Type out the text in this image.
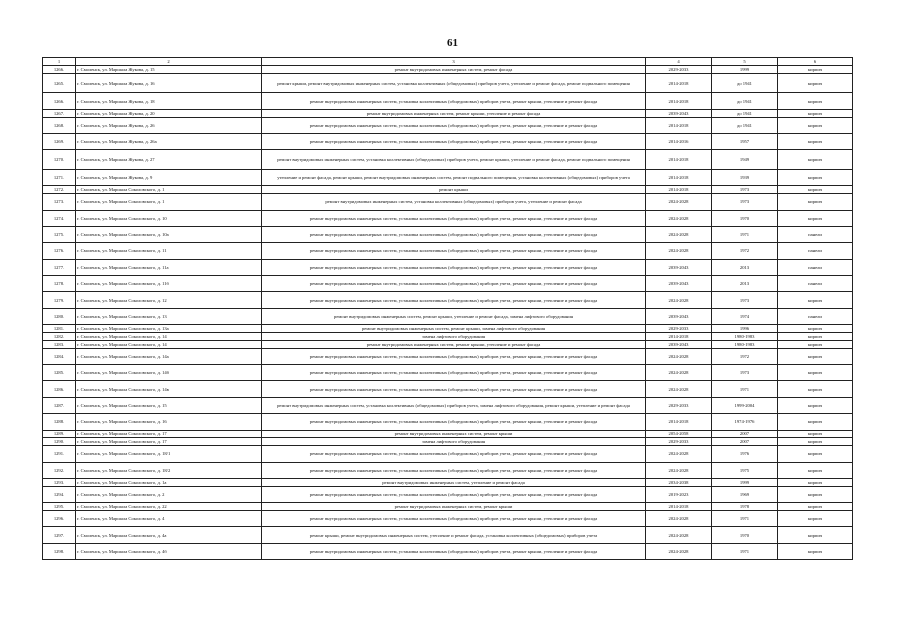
61
1	2	3	4	5	6
1266.	г. Смоленск, ул. Маршала Жукова, д. 15	ремонт внутридомовых инженерных систем, ремонт фасада	2029-2033	1999	кирпич
1265.	г. Смоленск, ул. Маршала Жукова, д. 16	ремонт крыши, ремонт внутридомовых инженерных систем, установка коллективных (общедомовых) приборов учета, утепление и ремонт фасада, ремонт подвального помещения	2014-2018	до 1941	кирпич
1266.	г. Смоленск, ул. Маршала Жукова, д. 18	ремонт внутридомовых инженерных систем, установка коллективных (общедомовых) приборов учета, ремонт крыши, утепление и ремонт фасада	2014-2018	до 1941	кирпич
1267.	г. Смоленск, ул. Маршала Жукова, д. 20	ремонт внутридомовых инженерных систем, ремонт крыши, утепление и ремонт фасада	2039-2043	до 1941	кирпич
1268.	г. Смоленск, ул. Маршала Жукова, д. 26	ремонт внутридомовых инженерных систем, установка коллективных (общедомовых) приборов учета, ремонт крыши, утепление и ремонт фасада	2014-2018	до 1941	кирпич
1269.	г. Смоленск, ул. Маршала Жукова, д. 26а	ремонт внутридомовых инженерных систем, установка коллективных (общедомовых) приборов учета, ремонт крыши, утепление и ремонт фасада	2014-2016	1957	кирпич
1270.	г. Смоленск, ул. Маршала Жукова, д. 27	ремонт внутридомовых инженерных систем, установка коллективных (общедомовых) приборов учета, ремонт крыши, утепление и ремонт фасада, ремонт подвального помещения	2014-2018	1949	кирпич
1271.	г. Смоленск, ул. Маршала Жукова, д. 9	утепление и ремонт фасада, ремонт крыши, ремонт внутридомовых инженерных систем, ремонт подвального помещения, установка коллективных (общедомовых) приборов учета	2014-2018	1939	кирпич
1272.	г. Смоленск, ул. Маршала Соколовского, д. 1	ремонт крыши	2014-2018	1973	кирпич
1273.	г. Смоленск, ул. Маршала Соколовского, д. 1	ремонт внутридомовых инженерных систем, установка коллективных (общедомовых) приборов учета, утепление и ремонт фасада	2024-2028	1973	кирпич
1274.	г. Смоленск, ул. Маршала Соколовского, д. 10	ремонт внутридомовых инженерных систем, установка коллективных (общедомовых) приборов учета, ремонт крыши, утепление и ремонт фасада	2024-2028	1970	кирпич
1275.	г. Смоленск, ул. Маршала Соколовского, д. 10а	ремонт внутридомовых инженерных систем, установка коллективных (общедомовых) приборов учета, ремонт крыши, утепление и ремонт фасада	2024-2028	1971	панели
1276.	г. Смоленск, ул. Маршала Соколовского, д. 11	ремонт внутридомовых инженерных систем, установка коллективных (общедомовых) приборов учета, ремонт крыши, утепление и ремонт фасада	2024-2028	1972	панели
1277.	г. Смоленск, ул. Маршала Соколовского, д. 11а	ремонт внутридомовых инженерных систем, установка коллективных (общедомовых) приборов учета, ремонт крыши, утепление и ремонт фасада	2039-2043	2013	панели
1278.	г. Смоленск, ул. Маршала Соколовского, д. 11б	ремонт внутридомовых инженерных систем, установка коллективных (общедомовых) приборов учета, ремонт крыши, утепление и ремонт фасада	2039-2043	2013	панели
1279.	г. Смоленск, ул. Маршала Соколовского, д. 12	ремонт внутридомовых инженерных систем, установка коллективных (общедомовых) приборов учета, ремонт крыши, утепление и ремонт фасада	2024-2028	1973	кирпич
1280.	г. Смоленск, ул. Маршала Соколовского, д. 13	ремонт внутридомовых инженерных систем, ремонт крыши, утепление и ремонт фасада, замена лифтового оборудования	2039-2043	1974	панели
1281.	г. Смоленск, ул. Маршала Соколовского, д. 13а	ремонт внутридомовых инженерных систем, ремонт крыши, замена лифтового оборудования	2029-2033	1996	кирпич
1282.	г. Смоленск, ул. Маршала Соколовского, д. 14	замена лифтового оборудования	2014-2018	1980-1983	кирпич
1283.	г. Смоленск, ул. Маршала Соколовского, д. 14	ремонт внутридомовых инженерных систем, ремонт крыши, утепление и ремонт фасада	2039-2043	1980-1983	кирпич
1284.	г. Смоленск, ул. Маршала Соколовского, д. 14а	ремонт внутридомовых инженерных систем, установка коллективных (общедомовых) приборов учета, ремонт крыши, утепление и ремонт фасада	2024-2028	1972	кирпич
1285.	г. Смоленск, ул. Маршала Соколовского, д. 14б	ремонт внутридомовых инженерных систем, установка коллективных (общедомовых) приборов учета, ремонт крыши, утепление и ремонт фасада	2024-2028	1973	кирпич
1286.	г. Смоленск, ул. Маршала Соколовского, д. 14в	ремонт внутридомовых инженерных систем, установка коллективных (общедомовых) приборов учета, ремонт крыши, утепление и ремонт фасада	2024-2028	1971	кирпич
1287.	г. Смоленск, ул. Маршала Соколовского, д. 15	ремонт внутридомовых инженерных систем, установка коллективных (общедомовых) приборов учета, замена лифтового оборудования, ремонт крыши, утепление и ремонт фасада	2029-2033	1999-2004	кирпич
1288.	г. Смоленск, ул. Маршала Соколовского, д. 16	ремонт внутридомовых инженерных систем, установка коллективных (общедомовых) приборов учета, ремонт крыши, утепление и ремонт фасада	2014-2018	1974-1976	кирпич
1289.	г. Смоленск, ул. Маршала Соколовского, д. 17	ремонт внутридомовых инженерных систем, ремонт крыши	2054-2058	2007	кирпич
1290.	г. Смоленск, ул. Маршала Соколовского, д. 17	замена лифтового оборудования	2029-2033	2007	кирпич
1291.	г. Смоленск, ул. Маршала Соколовского, д. 18/1	ремонт внутридомовых инженерных систем, установка коллективных (общедомовых) приборов учета, ремонт крыши, утепление и ремонт фасада	2024-2028	1976	кирпич
1292.	г. Смоленск, ул. Маршала Соколовского, д. 18/2	ремонт внутридомовых инженерных систем, установка коллективных (общедомовых) приборов учета, ремонт крыши, утепление и ремонт фасада	2024-2028	1975	кирпич
1293.	г. Смоленск, ул. Маршала Соколовского, д. 1а	ремонт внутридомовых инженерных систем, утепление и ремонт фасада	2034-2038	1999	кирпич
1294.	г. Смоленск, ул. Маршала Соколовского, д. 2	ремонт внутридомовых инженерных систем, установка коллективных (общедомовых) приборов учета, ремонт крыши, утепление и ремонт фасада	2019-2023	1969	кирпич
1295.	г. Смоленск, ул. Маршала Соколовского, д. 22	ремонт внутридомовых инженерных систем, ремонт крыши	2014-2018	1978	кирпич
1296.	г. Смоленск, ул. Маршала Соколовского, д. 4	ремонт внутридомовых инженерных систем, установка коллективных (общедомовых) приборов учета, ремонт крыши, утепление и ремонт фасада	2024-2028	1971	кирпич
1297.	г. Смоленск, ул. Маршала Соколовского, д. 4а	ремонт крыши, ремонт внутридомовых инженерных систем, утепление и ремонт фасада, установка коллективных (общедомовых) приборов учета	2024-2028	1970	кирпич
1298.	г. Смоленск, ул. Маршала Соколовского, д. 4б	ремонт внутридомовых инженерных систем, установка коллективных (общедомовых) приборов учета, ремонт крыши, утепление и ремонт фасада	2024-2028	1971	кирпич
